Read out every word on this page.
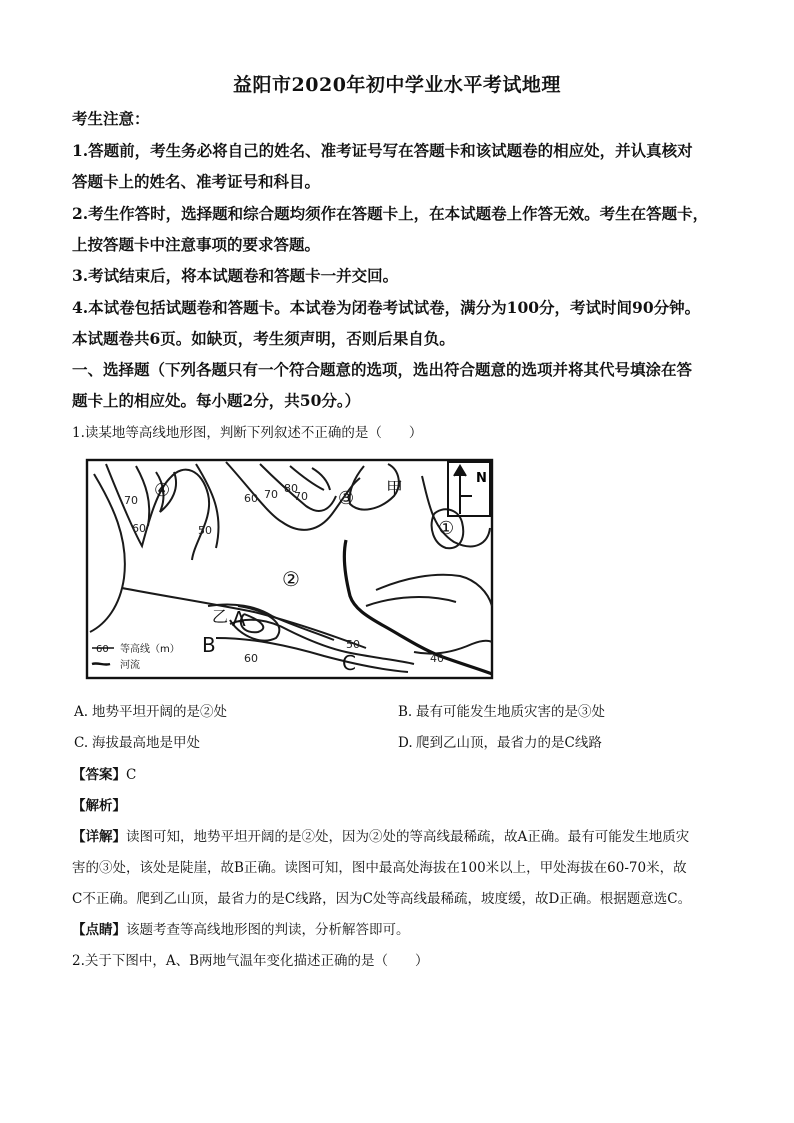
益阳市2020年初中学业水平考试地理
考生注意：
1.答题前，考生务必将自己的姓名、准考证号写在答题卡和该试题卷的相应处，并认真核对
答题卡上的姓名、准考证号和科目。
2.考生作答时，选择题和综合题均须作在答题卡上，在本试题卷上作答无效。考生在答题卡，
上按答题卡中注意事项的要求答题。
3.考试结束后，将本试题卷和答题卡一并交回。
4.本试卷包括试题卷和答题卡。本试卷为闭卷考试试卷，满分为100分，考试时间90分钟。
本试题卷共6页。如缺页，考生须声明，否则后果自负。
一、选择题（下列各题只有一个符合题意的选项，选出符合题意的选项并将其代号填涂在答
题卡上的相应处。每小题2分，共50分。）
1.读某地等高线地形图，判断下列叙述不正确的是（　　）
N
70
60	50
60 70 80
70
60
50
40
④	③ 甲
①
②
乙 A
B
C
60 等高线（m）
河流
A. 地势平坦开阔的是②处	B. 最有可能发生地质灾害的是③处
C. 海拔最高地是甲处	D. 爬到乙山顶，最省力的是C线路
【答案】C
【解析】
【详解】读图可知，地势平坦开阔的是②处，因为②处的等高线最稀疏，故A正确。最有可能发生地质灾
害的③处，该处是陡崖，故B正确。读图可知，图中最高处海拔在100米以上，甲处海拔在60-70米，故
C不正确。爬到乙山顶，最省力的是C线路，因为C处等高线最稀疏，坡度缓，故D正确。根据题意选C。
【点睛】该题考查等高线地形图的判读，分析解答即可。
2.关于下图中，A、B两地气温年变化描述正确的是（　　）
